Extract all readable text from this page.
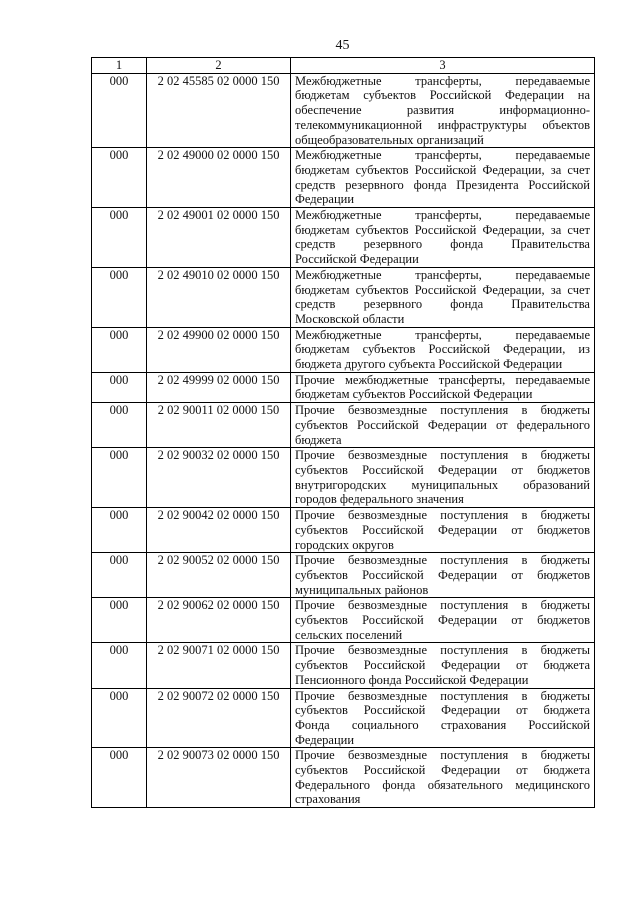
45
1	2	3
000	2 02 45585 02 0000 150	Межбюджетные трансферты, передаваемые
бюджетам субъектов Российской Федерации на
обеспечение развития информационно-
телекоммуникационной инфраструктуры объектов
общеобразовательных организаций

000	2 02 49000 02 0000 150	Межбюджетные трансферты, передаваемые
бюджетам субъектов Российской Федерации, за счет
средств резервного фонда Президента Российской
Федерации

000	2 02 49001 02 0000 150	Межбюджетные трансферты, передаваемые
бюджетам субъектов Российской Федерации, за счет
средств резервного фонда Правительства
Российской Федерации

000	2 02 49010 02 0000 150	Межбюджетные трансферты, передаваемые
бюджетам субъектов Российской Федерации, за счет
средств резервного фонда Правительства
Московской области

000	2 02 49900 02 0000 150	Межбюджетные трансферты, передаваемые
бюджетам субъектов Российской Федерации, из
бюджета другого субъекта Российской Федерации

000	2 02 49999 02 0000 150	Прочие межбюджетные трансферты, передаваемые
бюджетам субъектов Российской Федерации

000	2 02 90011 02 0000 150	Прочие безвозмездные поступления в бюджеты
субъектов Российской Федерации от федерального
бюджета

000	2 02 90032 02 0000 150	Прочие безвозмездные поступления в бюджеты
субъектов Российской Федерации от бюджетов
внутригородских муниципальных образований
городов федерального значения

000	2 02 90042 02 0000 150	Прочие безвозмездные поступления в бюджеты
субъектов Российской Федерации от бюджетов
городских округов

000	2 02 90052 02 0000 150	Прочие безвозмездные поступления в бюджеты
субъектов Российской Федерации от бюджетов
муниципальных районов

000	2 02 90062 02 0000 150	Прочие безвозмездные поступления в бюджеты
субъектов Российской Федерации от бюджетов
сельских поселений

000	2 02 90071 02 0000 150	Прочие безвозмездные поступления в бюджеты
субъектов Российской Федерации от бюджета
Пенсионного фонда Российской Федерации

000	2 02 90072 02 0000 150	Прочие безвозмездные поступления в бюджеты
субъектов Российской Федерации от бюджета
Фонда социального страхования Российской
Федерации

000	2 02 90073 02 0000 150	Прочие безвозмездные поступления в бюджеты
субъектов Российской Федерации от бюджета
Федерального фонда обязательного медицинского
страхования
